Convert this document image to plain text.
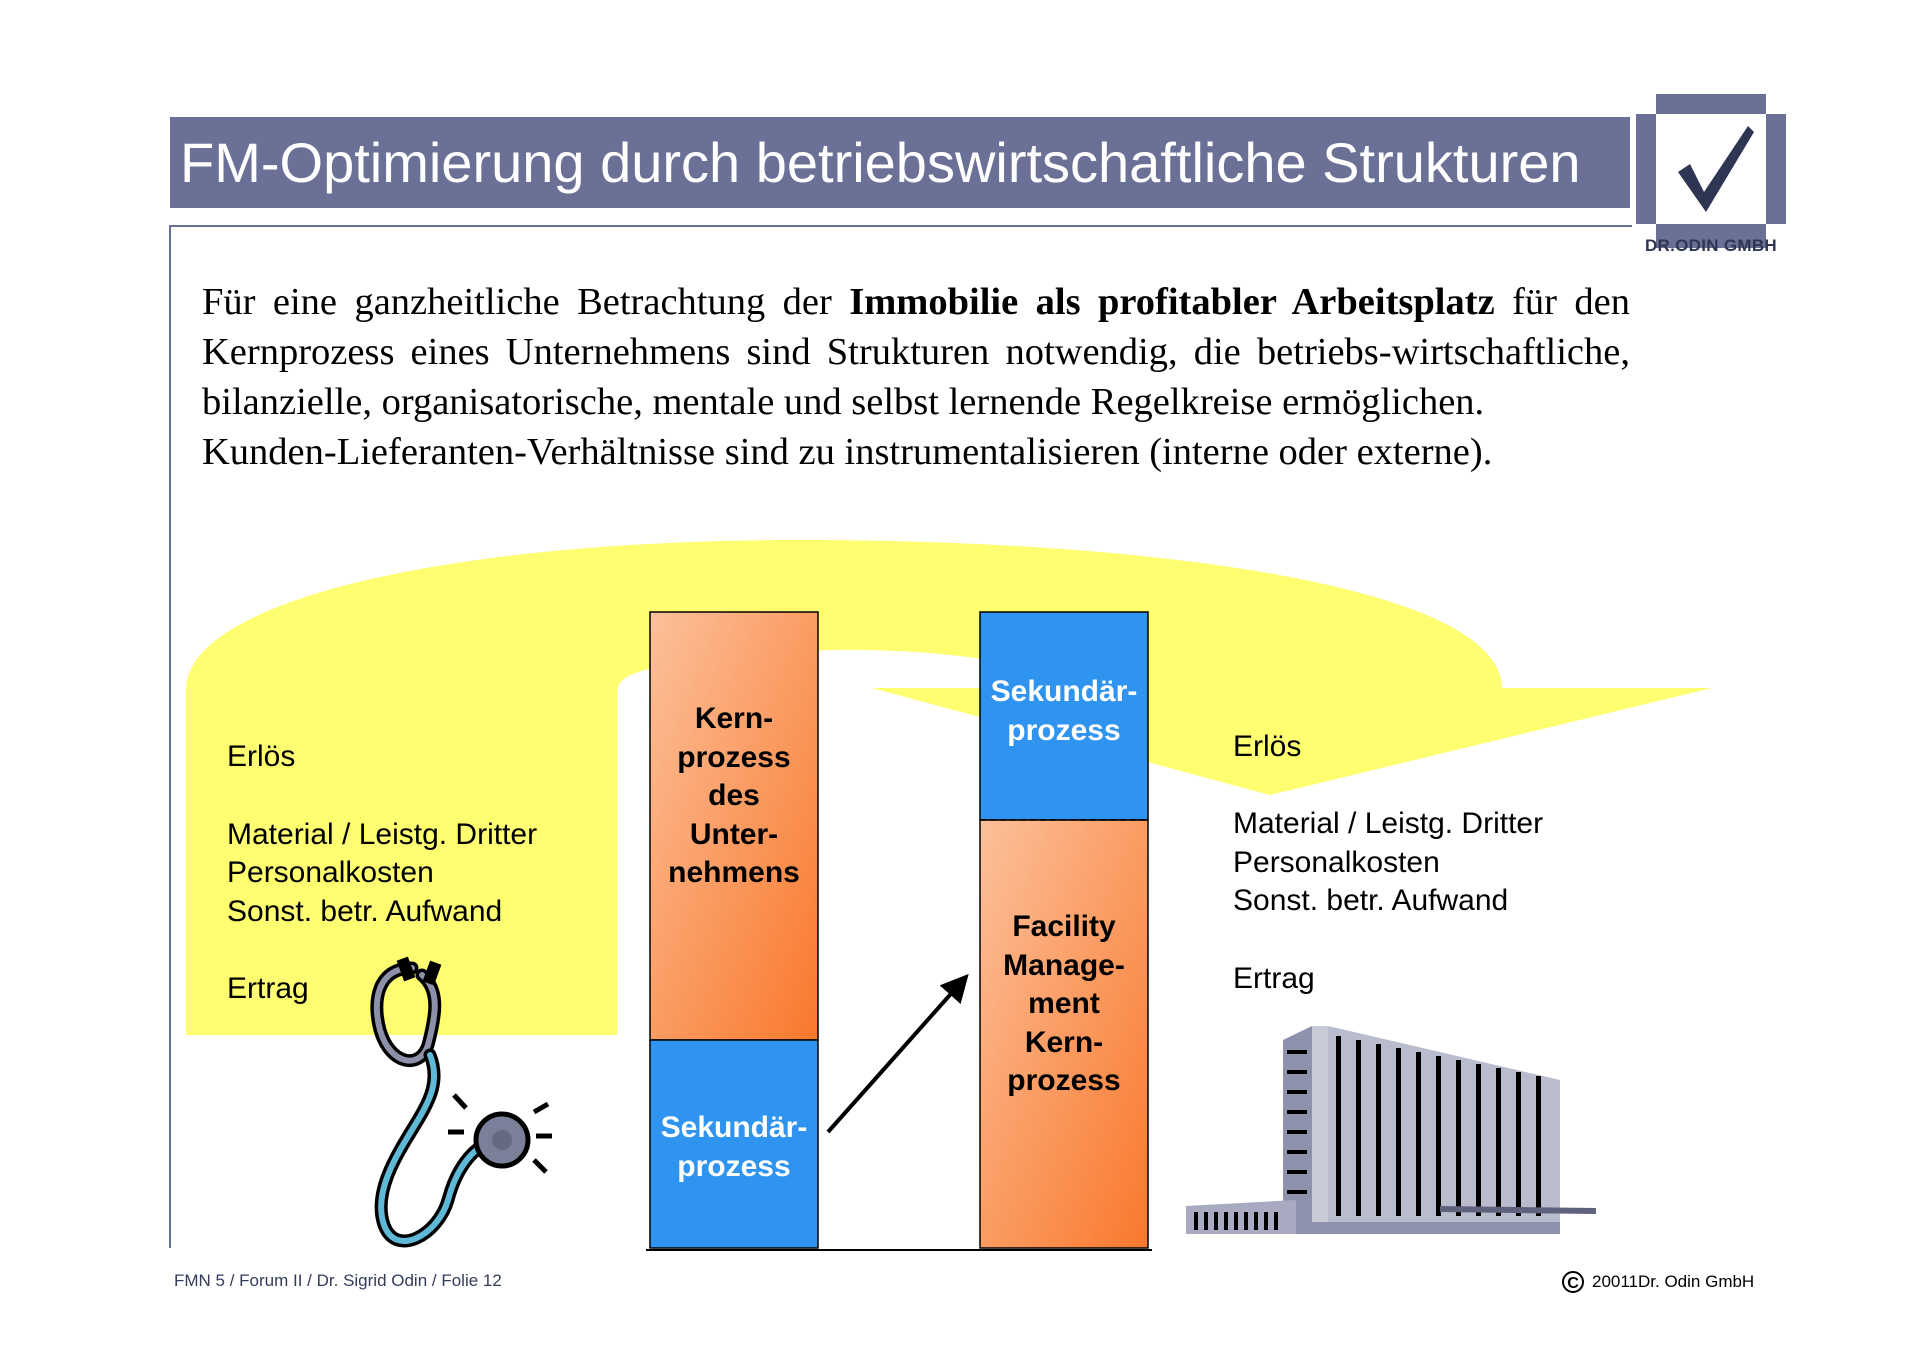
FM-Optimierung durch betriebswirtschaftliche Strukturen
DR.ODIN GMBH

Für eine ganzheitliche Betrachtung der Immobilie als profitabler Arbeitsplatz für den Kernprozess eines Unternehmens sind Strukturen notwendig, die betriebs-wirtschaftliche, bilanzielle, organisatorische, mentale und selbst lernende Regelkreise ermöglichen.

Kunden-Lieferanten-Verhältnisse sind zu instrumentalisieren (interne oder externe).

Erlös
Material / Leistg. Dritter
Personalkosten
Sonst. betr. Aufwand
Ertrag
Erlös
Material / Leistg. Dritter
Personalkosten
Sonst. betr. Aufwand
Ertrag
Kern-
prozess
des
Unter-
nehmens
Sekundär-
prozess
Sekundär-
prozess
Facility
Manage-
ment
Kern-
prozess
FMN 5 / Forum II / Dr. Sigrid Odin / Folie 12	C 20011Dr. Odin GmbH
